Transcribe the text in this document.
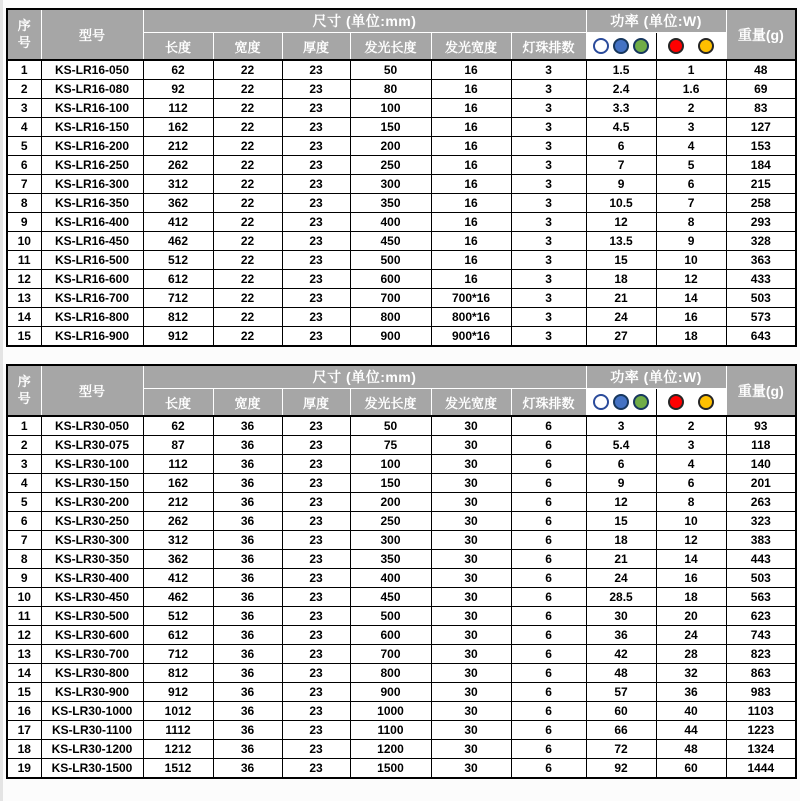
序号	型号	尺寸 (单位:mm)						功率 (单位:W)		重量(g)
		长度	宽度	厚度	发光长度	发光宽度	灯珠排数		

1	KS-LR16-050	62	22	23	50	16	3	1.5	1	48
2	KS-LR16-080	92	22	23	80	16	3	2.4	1.6	69
3	KS-LR16-100	112	22	23	100	16	3	3.3	2	83
4	KS-LR16-150	162	22	23	150	16	3	4.5	3	127
5	KS-LR16-200	212	22	23	200	16	3	6	4	153
6	KS-LR16-250	262	22	23	250	16	3	7	5	184
7	KS-LR16-300	312	22	23	300	16	3	9	6	215
8	KS-LR16-350	362	22	23	350	16	3	10.5	7	258
9	KS-LR16-400	412	22	23	400	16	3	12	8	293
10	KS-LR16-450	462	22	23	450	16	3	13.5	9	328
11	KS-LR16-500	512	22	23	500	16	3	15	10	363
12	KS-LR16-600	612	22	23	600	16	3	18	12	433
13	KS-LR16-700	712	22	23	700	700*16	3	21	14	503
14	KS-LR16-800	812	22	23	800	800*16	3	24	16	573
15	KS-LR16-900	912	22	23	900	900*16	3	27	18	643
序号	型号	尺寸 (单位:mm)						功率 (单位:W)		重量(g)
		长度	宽度	厚度	发光长度	发光宽度	灯珠排数		

1	KS-LR30-050	62	36	23	50	30	6	3	2	93
2	KS-LR30-075	87	36	23	75	30	6	5.4	3	118
3	KS-LR30-100	112	36	23	100	30	6	6	4	140
4	KS-LR30-150	162	36	23	150	30	6	9	6	201
5	KS-LR30-200	212	36	23	200	30	6	12	8	263
6	KS-LR30-250	262	36	23	250	30	6	15	10	323
7	KS-LR30-300	312	36	23	300	30	6	18	12	383
8	KS-LR30-350	362	36	23	350	30	6	21	14	443
9	KS-LR30-400	412	36	23	400	30	6	24	16	503
10	KS-LR30-450	462	36	23	450	30	6	28.5	18	563
11	KS-LR30-500	512	36	23	500	30	6	30	20	623
12	KS-LR30-600	612	36	23	600	30	6	36	24	743
13	KS-LR30-700	712	36	23	700	30	6	42	28	823
14	KS-LR30-800	812	36	23	800	30	6	48	32	863
15	KS-LR30-900	912	36	23	900	30	6	57	36	983
16	KS-LR30-1000	1012	36	23	1000	30	6	60	40	1103
17	KS-LR30-1100	1112	36	23	1100	30	6	66	44	1223
18	KS-LR30-1200	1212	36	23	1200	30	6	72	48	1324
19	KS-LR30-1500	1512	36	23	1500	30	6	92	60	1444
